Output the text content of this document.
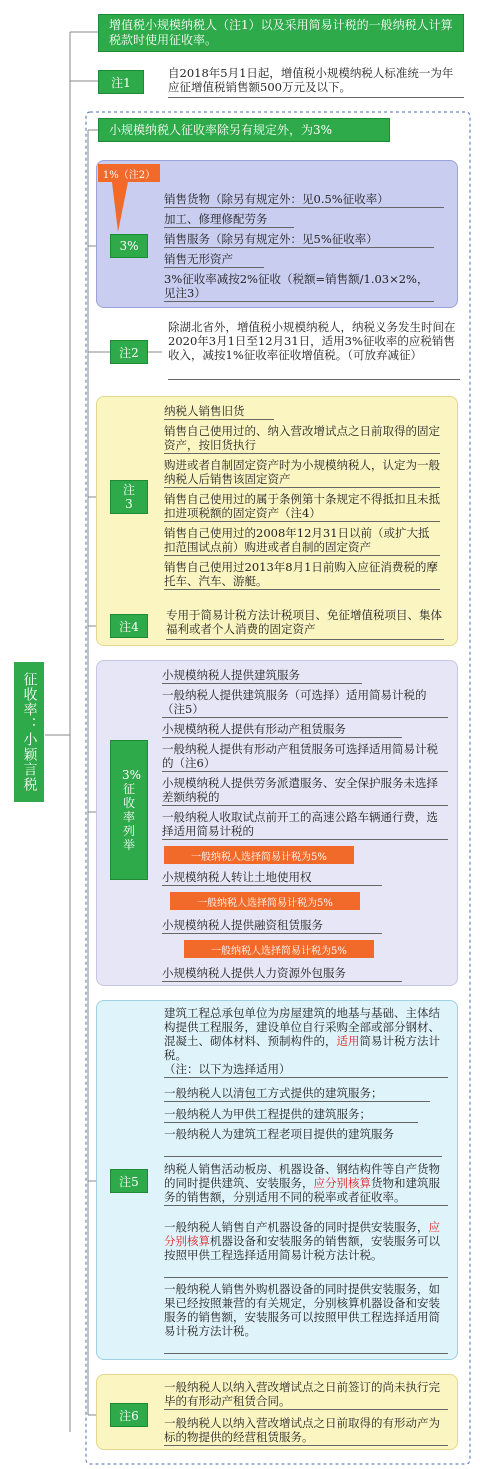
征收率：小颖言税
增值税小规模纳税人（注1）以及采用简易计税的一般纳税人计算税款时使用征收率。
注1
自2018年5月1日起，增值税小规模纳税人标准统一为年应征增值税销售额500万元及以下。
小规模纳税人征收率除另有规定外，为3%
1%（注2）
3%
销售货物（除另有规定外：见0.5%征收率）
加工、修理修配劳务
销售服务（除另有规定外：见5%征收率）
销售无形资产
3%征收率减按2%征收（税额=销售额/1.03×2%，见注3）
注2
除湖北省外，增值税小规模纳税人，纳税义务发生时间在2020年3月1日至12月31日，适用3%征收率的应税销售收入，减按1%征收率征收增值税。（可放弃减征）
注3
纳税人销售旧货
销售自己使用过的、纳入营改增试点之日前取得的固定资产，按旧货执行
购进或者自制固定资产时为小规模纳税人，认定为一般纳税人后销售该固定资产
销售自己使用过的属于条例第十条规定不得抵扣且未抵扣进项税额的固定资产（注4）
销售自己使用过的2008年12月31日以前（或扩大抵扣范围试点前）购进或者自制的固定资产
销售自己使用过2013年8月1日前购入应征消费税的摩托车、汽车、游艇。
注4
专用于简易计税方法计税项目、免征增值税项目、集体福利或者个人消费的固定资产
3%征收率列举
小规模纳税人提供建筑服务
一般纳税人提供建筑服务（可选择）适用简易计税的（注5）
小规模纳税人提供有形动产租赁服务
一般纳税人提供有形动产租赁服务可选择适用简易计税的（注6）
小规模纳税人提供劳务派遣服务、安全保护服务未选择差额纳税的
一般纳税人收取试点前开工的高速公路车辆通行费，选择适用简易计税的
一般纳税人选择简易计税为5%
小规模纳税人转让土地使用权
一般纳税人选择简易计税为5%
小规模纳税人提供融资租赁服务
一般纳税人选择简易计税为5%
小规模纳税人提供人力资源外包服务
注5
建筑工程总承包单位为房屋建筑的地基与基础、主体结构提供工程服务，建设单位自行采购全部或部分钢材、混凝土、砌体材料、预制构件的，适用简易计税方法计税。
（注：以下为选择适用）
一般纳税人以清包工方式提供的建筑服务；
一般纳税人为甲供工程提供的建筑服务；
一般纳税人为建筑工程老项目提供的建筑服务
纳税人销售活动板房、机器设备、钢结构件等自产货物的同时提供建筑、安装服务，应分别核算货物和建筑服务的销售额，分别适用不同的税率或者征收率。
一般纳税人销售自产机器设备的同时提供安装服务，应分别核算机器设备和安装服务的销售额，安装服务可以按照甲供工程选择适用简易计税方法计税。
一般纳税人销售外购机器设备的同时提供安装服务，如果已经按照兼营的有关规定，分别核算机器设备和安装服务的销售额，安装服务可以按照甲供工程选择适用简易计税方法计税。
注6
一般纳税人以纳入营改增试点之日前签订的尚未执行完毕的有形动产租赁合同。
一般纳税人以纳入营改增试点之日前取得的有形动产为标的物提供的经营租赁服务。
